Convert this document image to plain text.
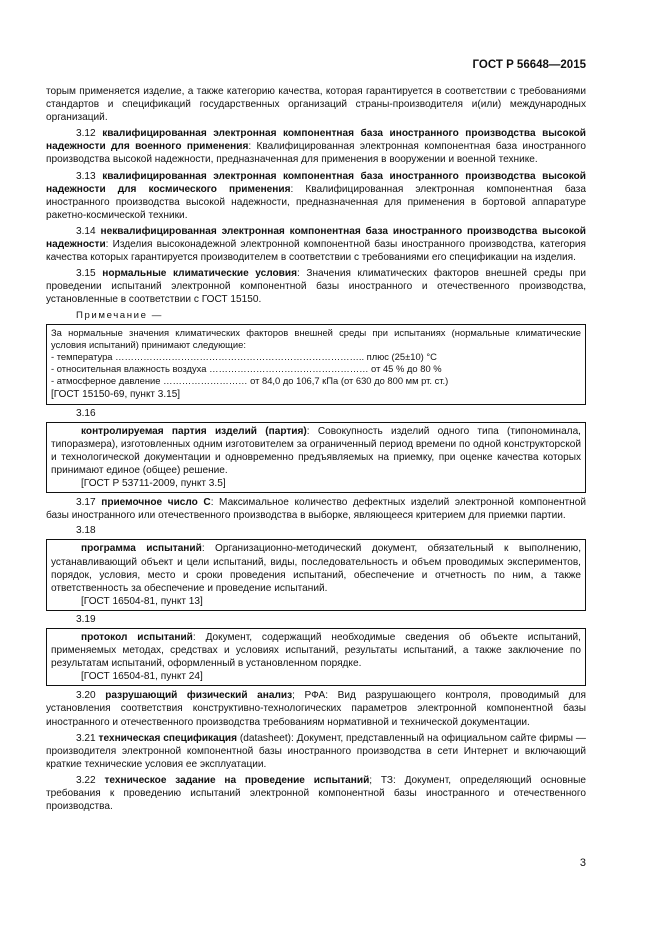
ГОСТ Р 56648—2015

торым применяется изделие, а также категорию качества, которая гарантируется в соответствии с требованиями стандартов и спецификаций государственных организаций страны-производителя и(или) международных организаций.

3.12 квалифицированная электронная компонентная база иностранного производства высокой надежности для военного применения: Квалифицированная электронная компонентная база иностранного производства высокой надежности, предназначенная для применения в вооружении и военной технике.

3.13 квалифицированная электронная компонентная база иностранного производства высокой надежности для космического применения: Квалифицированная электронная компонентная база иностранного производства высокой надежности, предназначенная для применения в бортовой аппаратуре ракетно-космической техники.

3.14 неквалифицированная электронная компонентная база иностранного производства высокой надежности: Изделия высоконадежной электронной компонентной базы иностранного производства, категория качества которых гарантируется производителем в соответствии с требованиями его спецификации на изделия.

3.15 нормальные климатические условия: Значения климатических факторов внешней среды при проведении испытаний электронной компонентной базы иностранного и отечественного производства, установленные в соответствии с ГОСТ 15150.

Примечание —

За нормальные значения климатических факторов внешней среды при испытаниях (нормальные климатические условия испытаний) принимают следующие:

- температура …………………………………………………………………….. плюс (25±10) °С

- относительная влажность воздуха …………………………………………… от 45 % до 80 %

- атмосферное давление ……………………… от 84,0 до 106,7 кПа (от 630 до 800 мм рт. ст.)

[ГОСТ 15150-69, пункт 3.15]

3.16

контролируемая партия изделий (партия): Совокупность изделий одного типа (типономинала, типоразмера), изготовленных одним изготовителем за ограниченный период времени по одной конструкторской и технологической документации и одновременно предъявляемых на приемку, при оценке качества которых принимают единое (общее) решение.

[ГОСТ Р 53711-2009, пункт 3.5]

3.17 приемочное число С: Максимальное количество дефектных изделий электронной компонентной базы иностранного или отечественного производства в выборке, являющееся критерием для приемки партии.

3.18

программа испытаний: Организационно-методический документ, обязательный к выполнению, устанавливающий объект и цели испытаний, виды, последовательность и объем проводимых экспериментов, порядок, условия, место и сроки проведения испытаний, обеспечение и отчетность по ним, а также ответственность за обеспечение и проведение испытаний.

[ГОСТ 16504-81, пункт 13]

3.19

протокол испытаний: Документ, содержащий необходимые сведения об объекте испытаний, применяемых методах, средствах и условиях испытаний, результаты испытаний, а также заключение по результатам испытаний, оформленный в установленном порядке.

[ГОСТ 16504-81, пункт 24]

3.20 разрушающий физический анализ; РФА: Вид разрушающего контроля, проводимый для установления соответствия конструктивно-технологических параметров электронной компонентной базы иностранного и отечественного производства требованиям нормативной и технической документации.

3.21 техническая спецификация (datasheet): Документ, представленный на официальном сайте фирмы — производителя электронной компонентной базы иностранного производства в сети Интернет и включающий краткие технические условия ее эксплуатации.

3.22 техническое задание на проведение испытаний; ТЗ: Документ, определяющий основные требования к проведению испытаний электронной компонентной базы иностранного и отечественного производства.

3
